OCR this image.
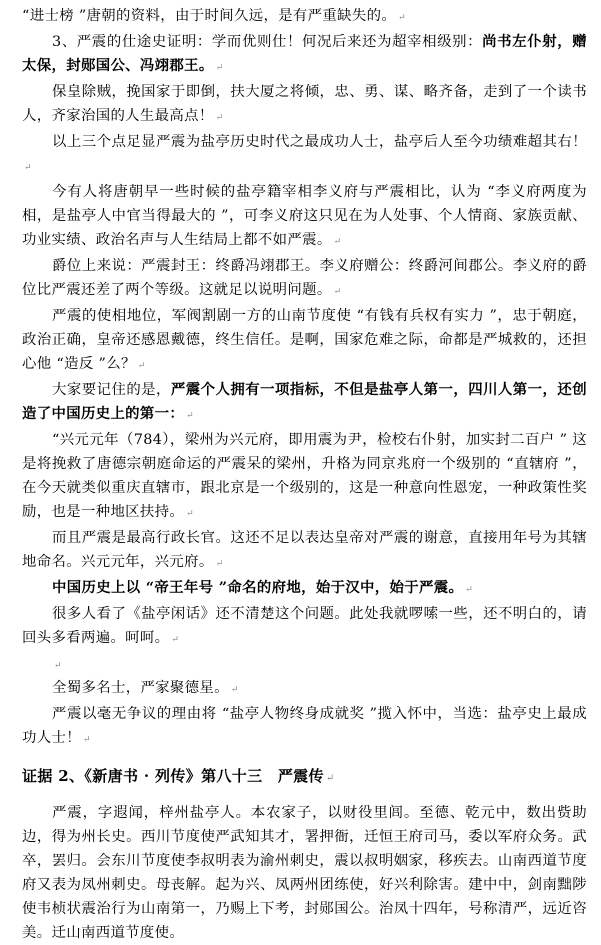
“进士榜 ”唐朝的资料，由于时间久远，是有严重缺失的。 ↵
3、严震的仕途史证明：学而优则仕！何况后来还为超宰相级别：尚书左仆射，赠太保，封郧国公、冯翊郡王。 ↵
保皇除贼，挽国家于即倒，扶大厦之将倾，忠、勇、谋、略齐备，走到了一个读书人，齐家治国的人生最高点！ ↵
以上三个点足显严震为盐亭历史时代之最成功人士，盐亭后人至今功绩难超其右！↵
今有人将唐朝早一些时候的盐亭籍宰相李义府与严震相比，认为 “李义府两度为相，是盐亭人中官当得最大的 ”，可李义府这只见在为人处事、个人情商、家族贡献、功业实绩、政治名声与人生结局上都不如严震。 ↵
爵位上来说：严震封王：终爵冯翊郡王。李义府赠公：终爵河间郡公。李义府的爵位比严震还差了两个等级。这就足以说明问题。 ↵
严震的使相地位，军阀割剧一方的山南节度使 “有钱有兵权有实力 ”，忠于朝庭，政治正确，皇帝还感恩戴德，终生信任。是啊，国家危难之际，命都是严城救的，还担心他 “造反 ”么？ ↵
大家要记住的是，严震个人拥有一项指标，不但是盐亭人第一，四川人第一，还创造了中国历史上的第一： ↵
“兴元元年（784），梁州为兴元府，即用震为尹，检校右仆射，加实封二百户 ” 这是将挽救了唐德宗朝庭命运的严震呆的梁州，升格为同京兆府一个级别的 “直辖府 ”，在今天就类似重庆直辖市，跟北京是一个级别的，这是一种意向性恩宠，一种政策性奖励，也是一种地区扶持。 ↵
而且严震是最高行政长官。这还不足以表达皇帝对严震的谢意，直接用年号为其辖地命名。兴元元年，兴元府。 ↵
中国历史上以 “帝王年号 ”命名的府地，始于汉中，始于严震。 ↵
很多人看了《盐亭闲话》还不清楚这个问题。此处我就啰嗦一些，还不明白的，请回头多看两遍。呵呵。 ↵
↵
全蜀多名士，严家聚德星。 ↵
严震以毫无争议的理由将 “盐亭人物终身成就奖 ”揽入怀中，当选：盐亭史上最成功人士！ ↵
证据 2、《新唐书 · 列传》第八十三　严震传 ↵
严震，字遐闻，梓州盐亭人。本农家子，以财役里闾。至德、乾元中，数出赀助边，得为州长史。西川节度使严武知其才，署押衙，迁恒王府司马，委以军府众务。武卒，罢归。会东川节度使李叔明表为渝州刺史，震以叔明姻家，移疾去。山南西道节度府又表为凤州刺史。母丧解。起为兴、凤两州团练使，好兴利除害。建中中，剑南黜陟使韦桢状震治行为山南第一，乃赐上下考，封郧国公。治凤十四年，号称清严，远近咨美。迁山南西道节度使。
